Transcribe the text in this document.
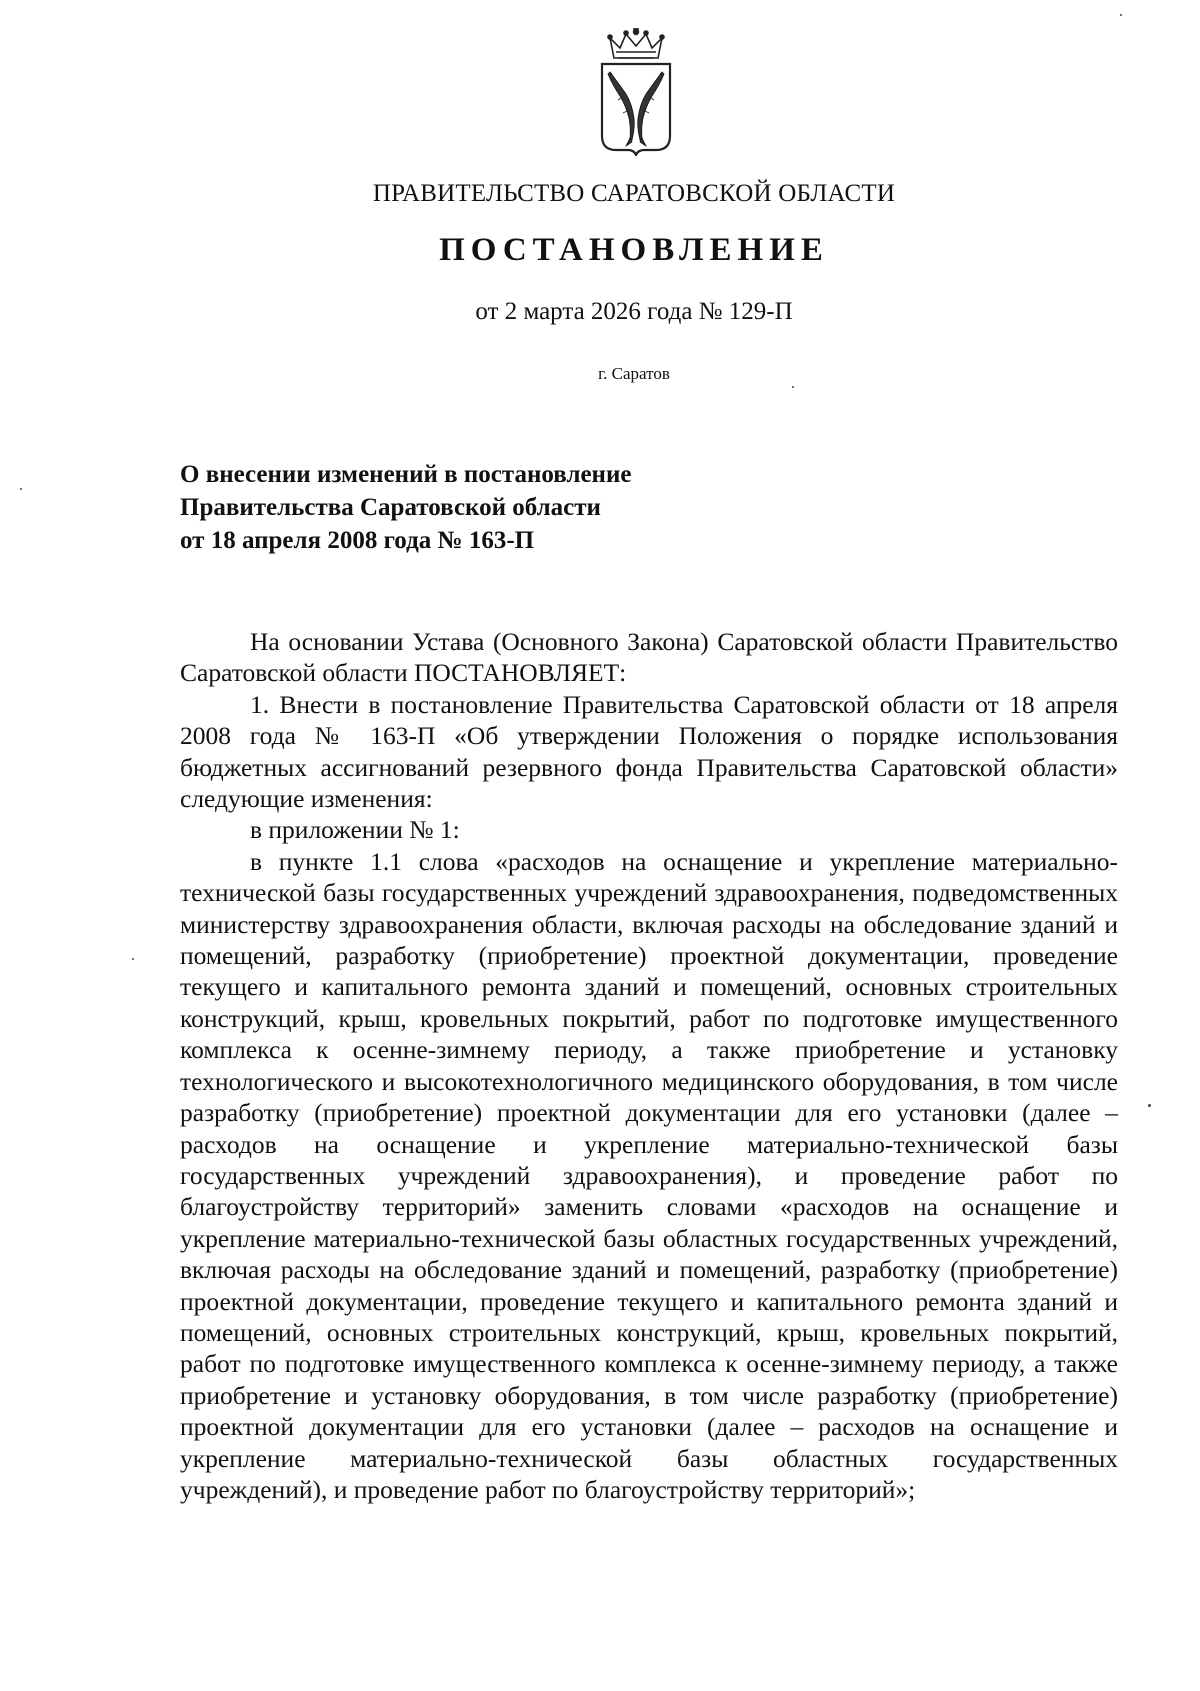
ПРАВИТЕЛЬСТВО САРАТОВСКОЙ ОБЛАСТИ
ПОСТАНОВЛЕНИЕ
от 2 марта 2026 года № 129-П
г. Саратов
О внесении изменений в постановление
Правительства Саратовской области
от 18 апреля 2008 года № 163-П

На основании Устава (Основного Закона) Саратовской области Правительство Саратовской области ПОСТАНОВЛЯЕТ:

1. Внести в постановление Правительства Саратовской области от 18 апреля 2008 года № 163-П «Об утверждении Положения о порядке использования бюджетных ассигнований резервного фонда Правительства Саратовской области» следующие изменения:

в приложении № 1:

в пункте 1.1 слова «расходов на оснащение и укрепление материально-технической базы государственных учреждений здравоохранения, подведомственных министерству здравоохранения области, включая расходы на обследование зданий и помещений, разработку (приобретение) проектной документации, проведение текущего и капитального ремонта зданий и помещений, основных строительных конструкций, крыш, кровельных покрытий, работ по подготовке имущественного комплекса к осенне-зимнему периоду, а также приобретение и установку технологического и высокотехнологичного медицинского оборудования, в том числе разработку (приобретение) проектной документации для его установки (далее – расходов на оснащение и укрепление материально-технической базы государственных учреждений здравоохранения), и проведение работ по благоустройству территорий» заменить словами «расходов на оснащение и укрепление материально-технической базы областных государственных учреждений, включая расходы на обследование зданий и помещений, разработку (приобретение) проектной документации, проведение текущего и капитального ремонта зданий и помещений, основных строительных конструкций, крыш, кровельных покрытий, работ по подготовке имущественного комплекса к осенне-зимнему периоду, а также приобретение и установку оборудования, в том числе разработку (приобретение) проектной документации для его установки (далее – расходов на оснащение и укрепление материально-технической базы областных государственных учреждений), и проведение работ по благоустройству территорий»;
